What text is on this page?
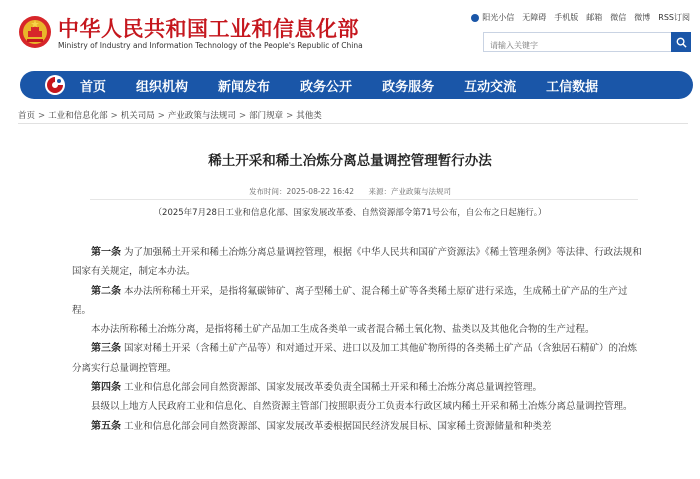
中华人民共和国工业和信息化部
Ministry of Industry and Information Technology of the People's Republic of China
阳光小信 无障碍 手机版 邮箱 微信 微博 RSS订阅
请输入关键字
首页 组织机构 新闻发布 政务公开 政务服务 互动交流 工信数据
首页 > 工业和信息化部 > 机关司局 > 产业政策与法规司 > 部门规章 > 其他类
稀土开采和稀土冶炼分离总量调控管理暂行办法
发布时间：2025-08-22 16:42 来源：产业政策与法规司
（2025年7月28日工业和信息化部、国家发展改革委、自然资源部令第71号公布，自公布之日起施行。）

第一条 为了加强稀土开采和稀土冶炼分离总量调控管理，根据《中华人民共和国矿产资源法》《稀土管理条例》等法律、行政法规和国家有关规定，制定本办法。

第二条 本办法所称稀土开采，是指将氟碳铈矿、离子型稀土矿、混合稀土矿等各类稀土原矿进行采选，生成稀土矿产品的生产过程。

本办法所称稀土冶炼分离，是指将稀土矿产品加工生成各类单一或者混合稀土氧化物、盐类以及其他化合物的生产过程。

第三条 国家对稀土开采（含稀土矿产品等）和对通过开采、进口以及加工其他矿物所得的各类稀土矿产品（含独居石精矿）的冶炼分离实行总量调控管理。

第四条 工业和信息化部会同自然资源部、国家发展改革委负责全国稀土开采和稀土冶炼分离总量调控管理。

县级以上地方人民政府工业和信息化、自然资源主管部门按照职责分工负责本行政区域内稀土开采和稀土冶炼分离总量调控管理。

第五条 工业和信息化部会同自然资源部、国家发展改革委根据国民经济发展目标、国家稀土资源储量和种类差
